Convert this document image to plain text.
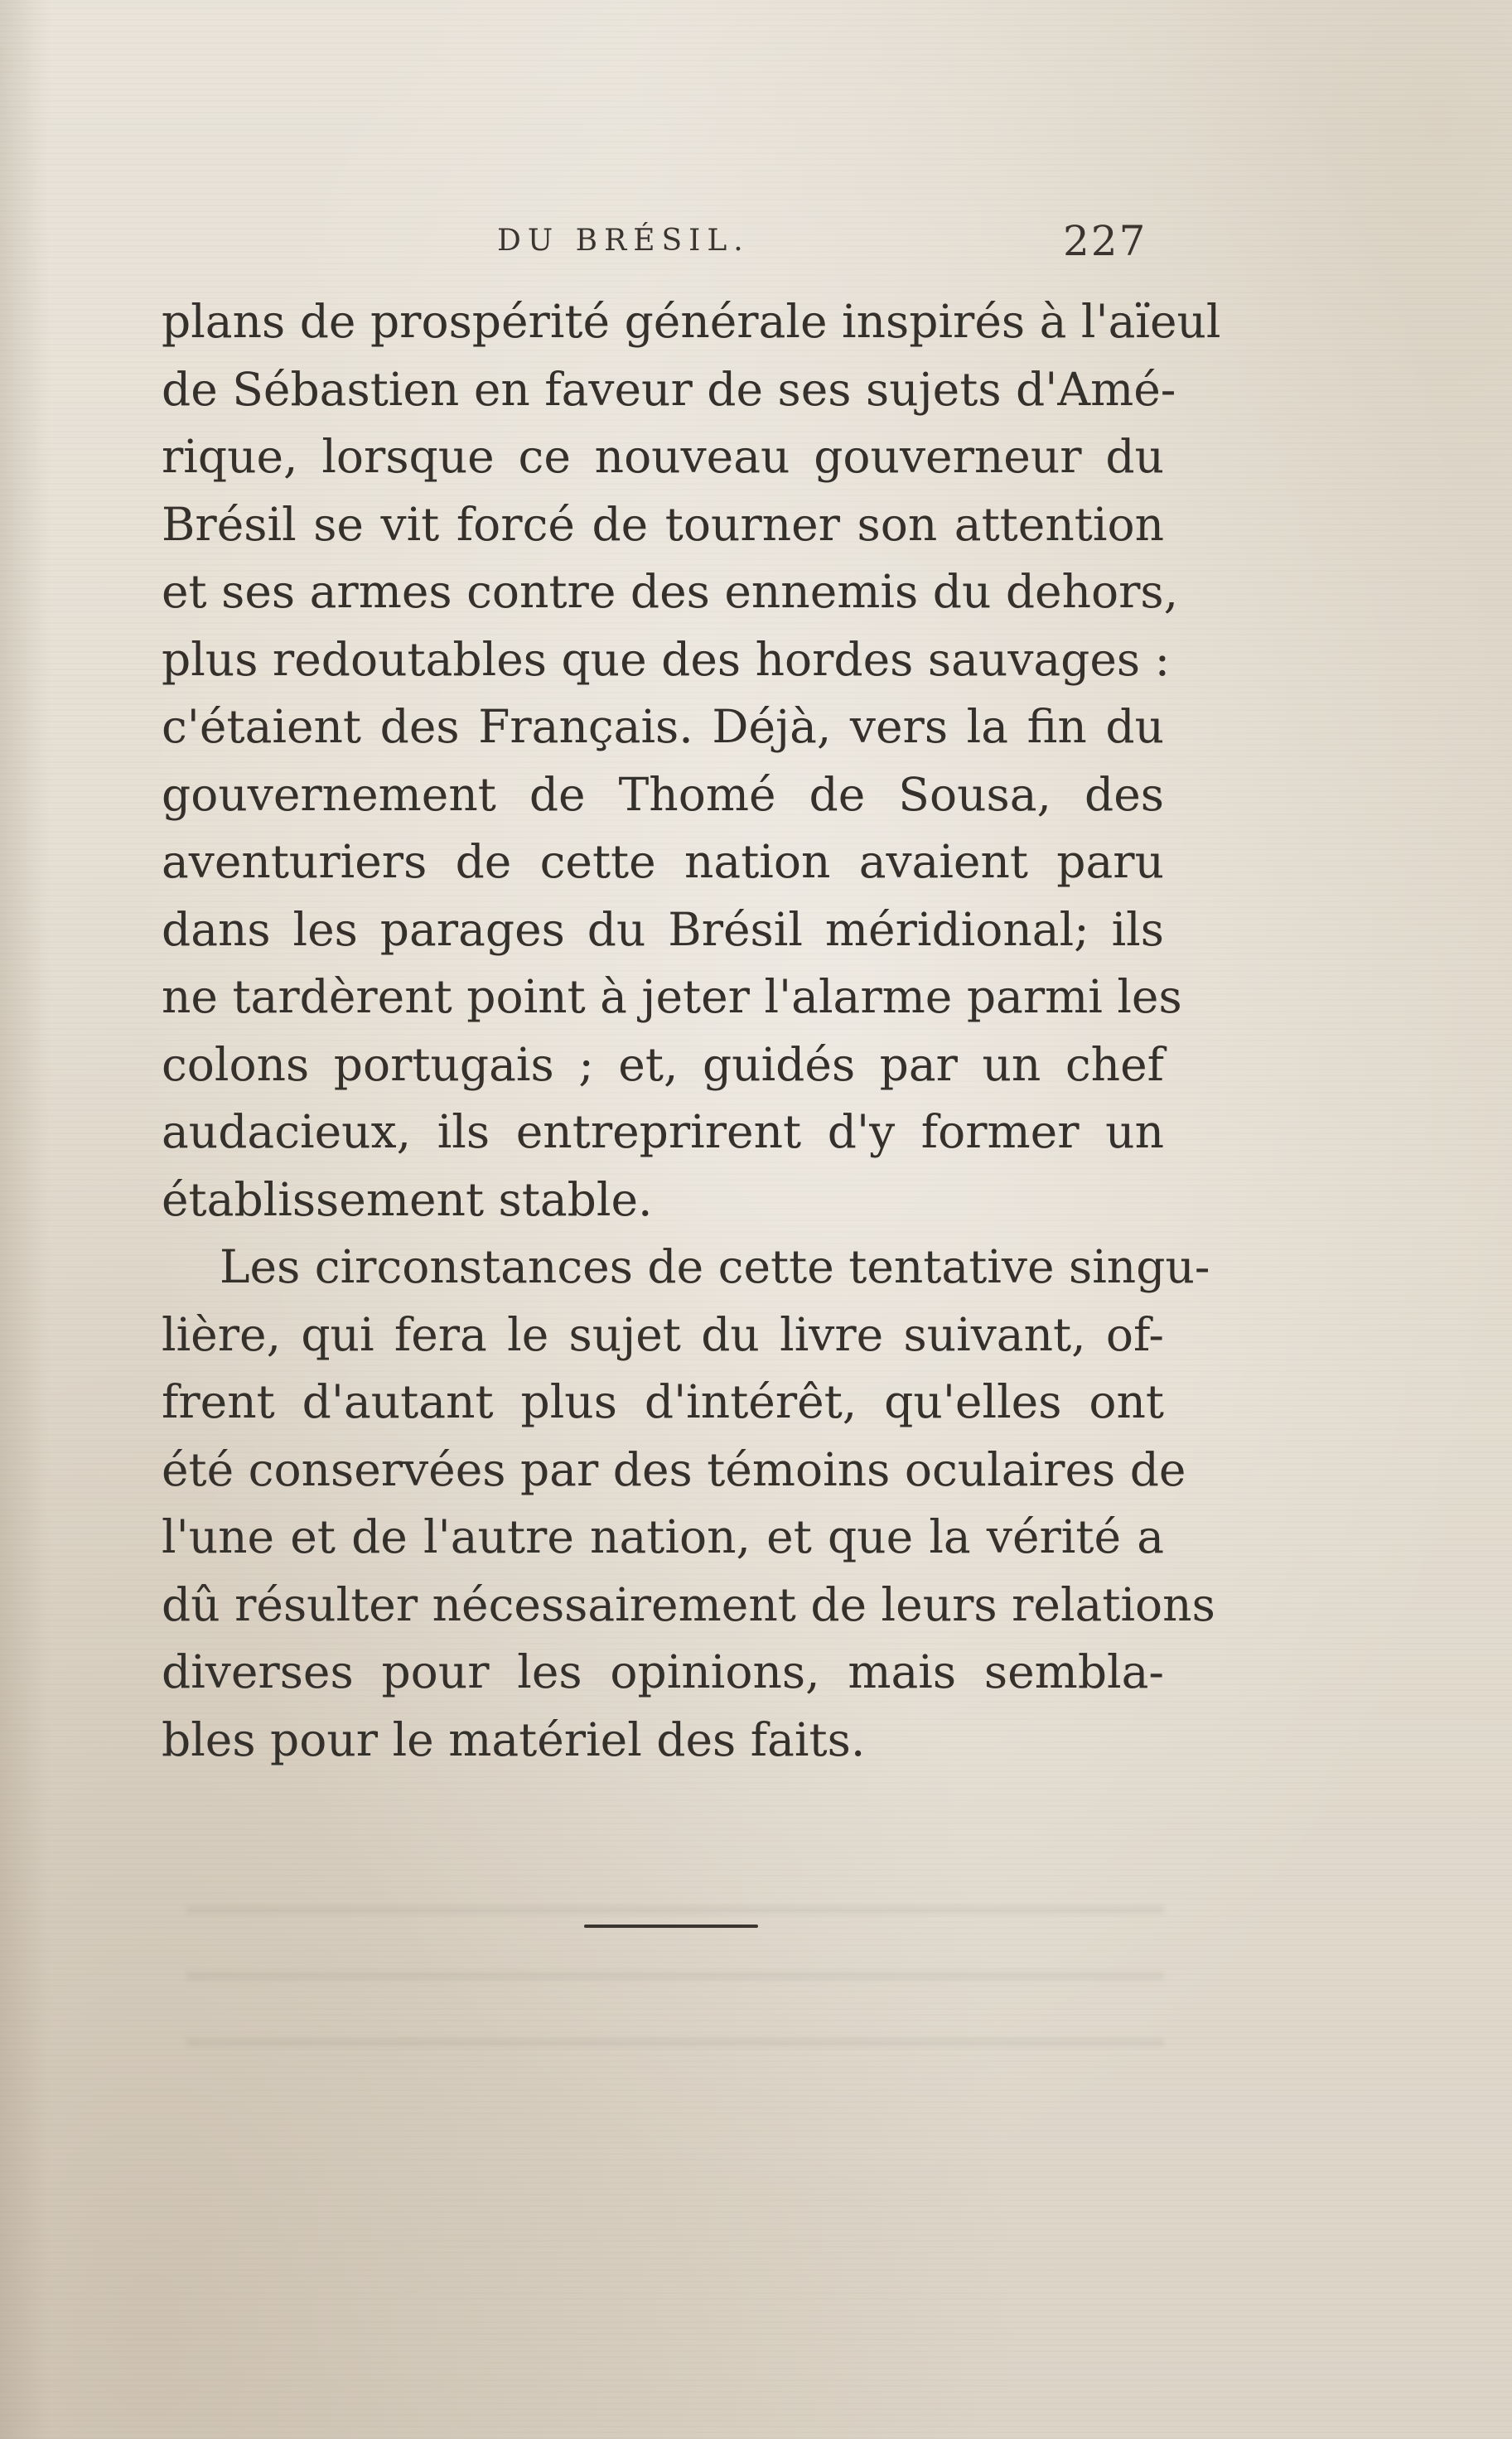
DU BRÉSIL.	227
plans de prospérité générale inspirés à l'aïeul
de Sébastien en faveur de ses sujets d'Amé-
rique, lorsque ce nouveau gouverneur du
Brésil se vit forcé de tourner son attention
et ses armes contre des ennemis du dehors,
plus redoutables que des hordes sauvages :
c'étaient des Français. Déjà, vers la fin du
gouvernement de Thomé de Sousa, des
aventuriers de cette nation avaient paru
dans les parages du Brésil méridional; ils
ne tardèrent point à jeter l'alarme parmi les
colons portugais ; et, guidés par un chef
audacieux, ils entreprirent d'y former un
établissement stable.
Les circonstances de cette tentative singu-
lière, qui fera le sujet du livre suivant, of-
frent d'autant plus d'intérêt, qu'elles ont
été conservées par des témoins oculaires de
l'une et de l'autre nation, et que la vérité a
dû résulter nécessairement de leurs relations
diverses pour les opinions, mais sembla-
bles pour le matériel des faits.
